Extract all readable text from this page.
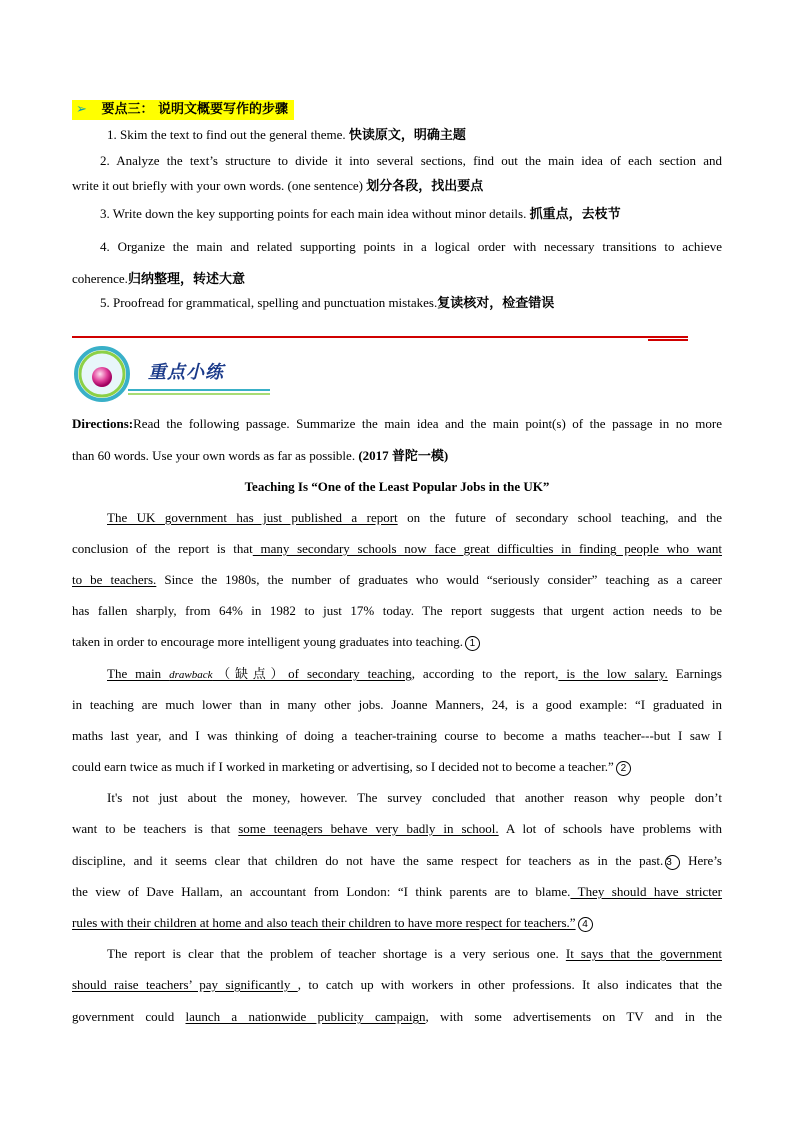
➢ 要点三： 说明文概要写作的步骤
1. Skim the text to find out the general theme. 快读原文，明确主题
2. Analyze the text’s structure to divide it into several sections, find out the main idea of each section and
write it out briefly with your own words. (one sentence) 划分各段，找出要点
3. Write down the key supporting points for each main idea without minor details. 抓重点，去枝节
4. Organize the main and related supporting points in a logical order with necessary transitions to achieve
coherence.归纳整理，转述大意
5. Proofread for grammatical, spelling and punctuation mistakes.复读核对，检查错误
重点小练
Directions:Read the following passage. Summarize the main idea and the main point(s) of the passage in no more
than 60 words. Use your own words as far as possible. (2017 普陀一模)
Teaching Is “One of the Least Popular Jobs in the UK”
The UK government has just published a report on the future of secondary school teaching, and the
conclusion of the report is that many secondary schools now face great difficulties in finding people who want
to be teachers. Since the 1980s, the number of graduates who would “seriously consider” teaching as a career
has fallen sharply, from 64% in 1982 to just 17% today. The report suggests that urgent action needs to be
taken in order to encourage more intelligent young graduates into teaching. 1
The main drawback（缺点）of secondary teaching, according to the report, is the low salary. Earnings
in teaching are much lower than in many other jobs. Joanne Manners, 24, is a good example: “I graduated in
maths last year, and I was thinking of doing a teacher-training course to become a maths teacher---but I saw I
could earn twice as much if I worked in marketing or advertising, so I decided not to become a teacher.” 2
It's not just about the money, however. The survey concluded that another reason why people don’t
want to be teachers is that some teenagers behave very badly in school. A lot of schools have problems with
discipline, and it seems clear that children do not have the same respect for teachers as in the past. 3 Here’s
the view of Dave Hallam, an accountant from London: “I think parents are to blame. They should have stricter
rules with their children at home and also teach their children to have more respect for teachers.” 4
The report is clear that the problem of teacher shortage is a very serious one. It says that the government
should raise teachers’ pay significantly , to catch up with workers in other professions. It also indicates that the
government could launch a nationwide publicity campaign, with some advertisements on TV and in the
